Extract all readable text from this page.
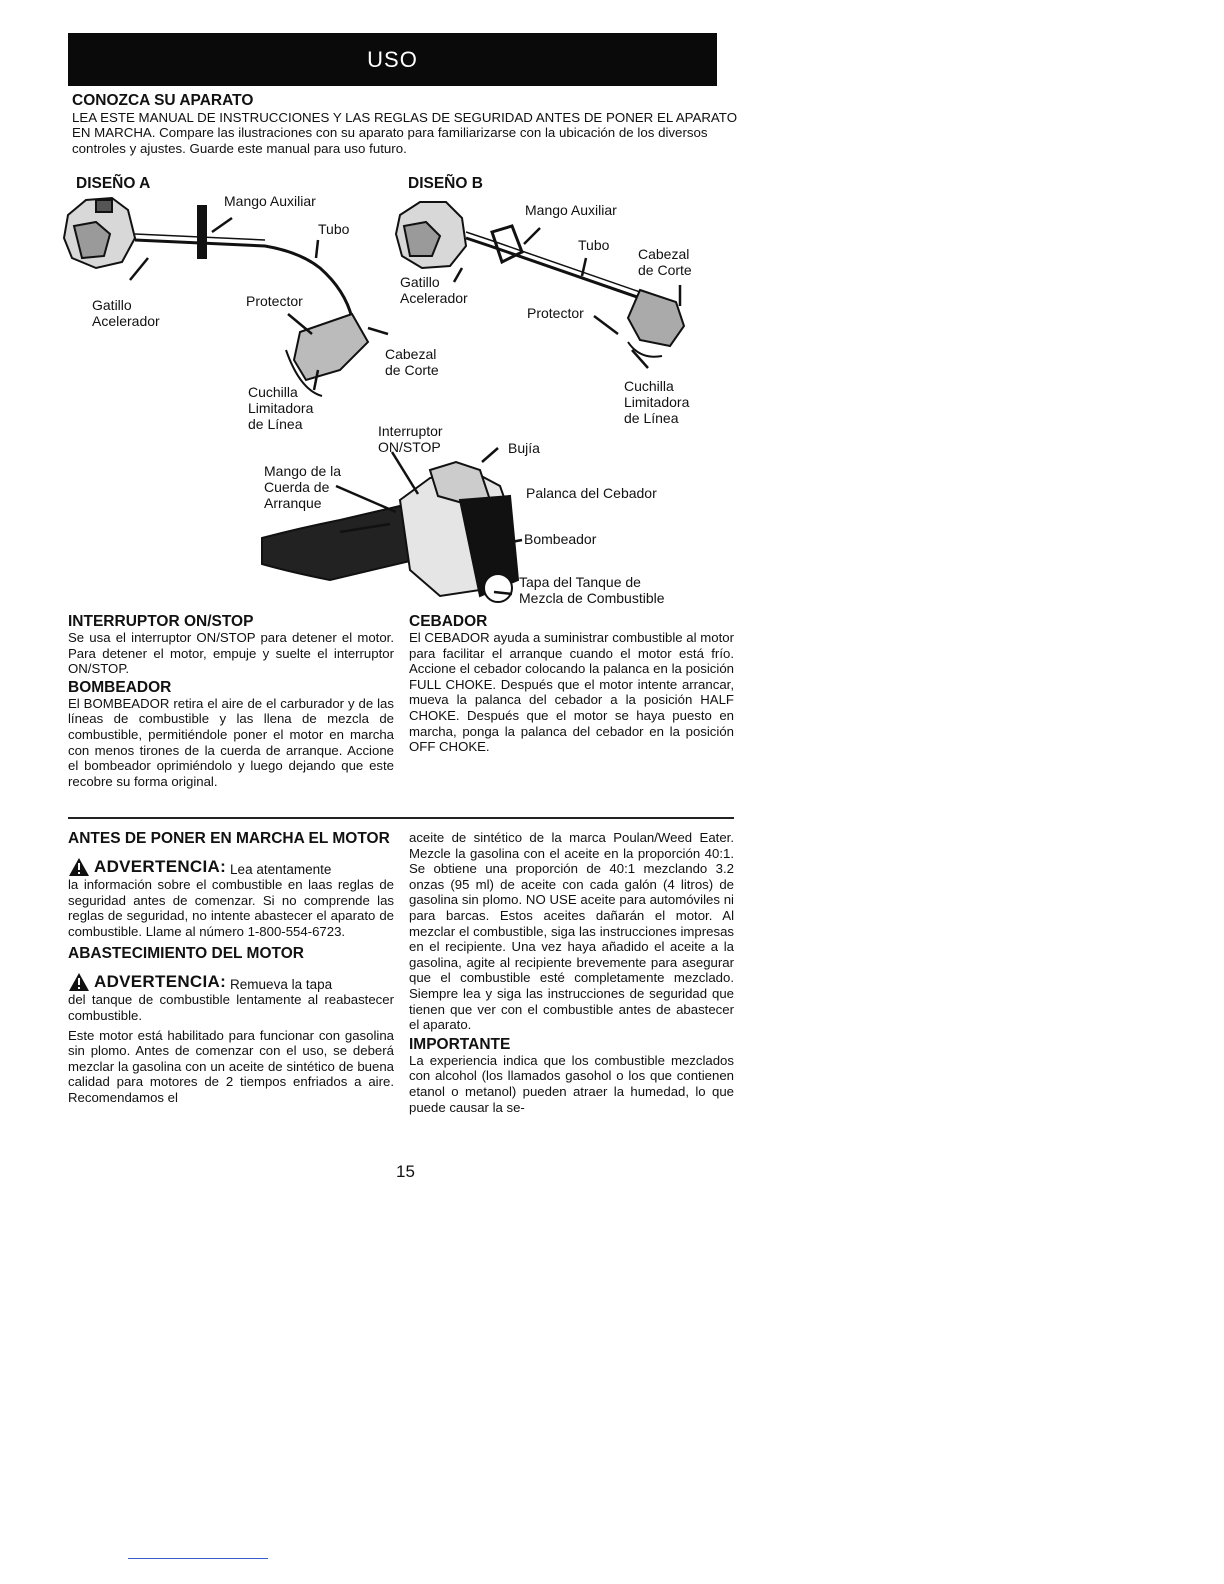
USO
CONOZCA SU APARATO
LEA ESTE MANUAL DE INSTRUCCIONES Y LAS REGLAS DE SEGURIDAD ANTES DE PONER EL APARATO EN MARCHA. Compare las ilustraciones con su aparato para familiarizarse con la ubicación de los diversos controles y ajustes. Guarde este manual para uso futuro.
DISEÑO A
Mango Auxiliar
Tubo
Gatillo
Acelerador
Protector
Cabezal
de Corte
Cuchilla
Limitadora
de Línea
DISEÑO B
Mango Auxiliar
Tubo
Cabezal
de Corte
Gatillo
Acelerador
Protector
Cuchilla
Limitadora
de Línea
Interruptor
ON/STOP	Bujía
Mango de la
Cuerda de
Arranque
Palanca del Cebador
Bombeador
Tapa del Tanque de
Mezcla de Combustible
INTERRUPTOR ON/STOP
Se usa el interruptor ON/STOP para detener el motor. Para detener el motor, empuje y suelte el interruptor ON/STOP.
BOMBEADOR
El BOMBEADOR retira el aire de el carburador y de las líneas de combustible y las llena de mezcla de combustible, permitiéndole poner el motor en marcha con menos tirones de la cuerda de arranque. Accione el bombeador oprimiéndolo y luego dejando que este recobre su forma original.
CEBADOR
El CEBADOR ayuda a suministrar combustible al motor para facilitar el arranque cuando el motor está frío. Accione el cebador colocando la palanca en la posición FULL CHOKE. Después que el motor intente arrancar, mueva la palanca del cebador a la posición HALF CHOKE. Después que el motor se haya puesto en marcha, ponga la palanca del cebador en la posición OFF CHOKE.
ANTES DE PONER EN MARCHA EL MOTOR
ADVERTENCIA: Lea atentamente
la información sobre el combustible en laas reglas de seguridad antes de comenzar. Si no comprende las reglas de seguridad, no intente abastecer el aparato de combustible. Llame al número 1-800-554-6723.
ABASTECIMIENTO DEL MOTOR
ADVERTENCIA: Remueva la tapa
del tanque de combustible lentamente al reabastecer combustible.
Este motor está habilitado para funcionar con gasolina sin plomo. Antes de comenzar con el uso, se deberá mezclar la gasolina con un aceite de sintético de buena calidad para motores de 2 tiempos enfriados a aire. Recomendamos el
aceite de sintético de la marca Poulan/Weed Eater. Mezcle la gasolina con el aceite en la proporción 40:1. Se obtiene una proporción de 40:1 mezclando 3.2 onzas (95 ml) de aceite con cada galón (4 litros) de gasolina sin plomo. NO USE aceite para automóviles ni para barcas. Estos aceites dañarán el motor. Al mezclar el combustible, siga las instrucciones impresas en el recipiente. Una vez haya añadido el aceite a la gasolina, agite al recipiente brevemente para asegurar que el combustible esté completamente mezclado. Siempre lea y siga las instrucciones de seguridad que tienen que ver con el combustible antes de abastecer el aparato.
IMPORTANTE
La experiencia indica que los combustible mezclados con alcohol (los llamados gasohol o los que contienen etanol o metanol) pueden atraer la humedad, lo que puede causar la se-
15
